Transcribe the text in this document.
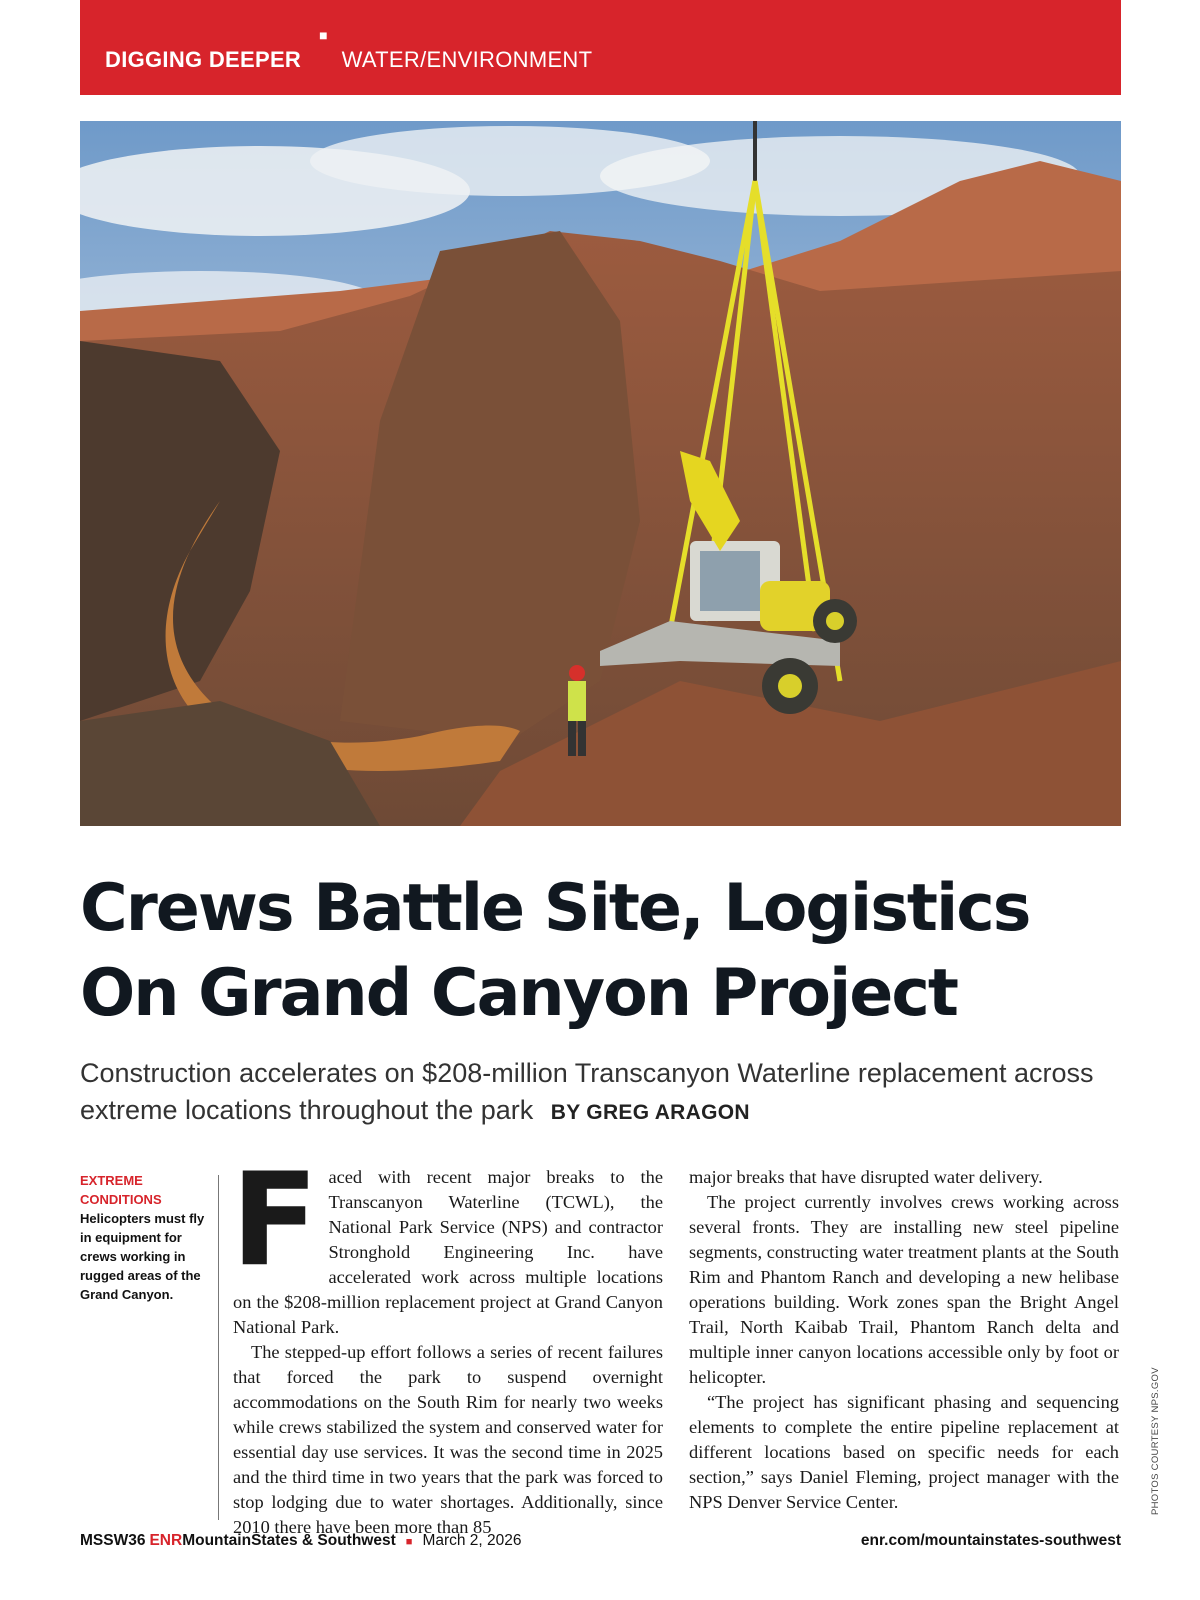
DIGGING DEEPER
■
WATER/ENVIRONMENT
Crews Battle Site, Logistics
On Grand Canyon Project
Construction accelerates on $208-million Transcanyon Waterline replacement across extreme locations throughout the park BY GREG ARAGON
EXTREME CONDITIONS
Helicopters must fly in equipment for crews working in rugged areas of the Grand Canyon. F aced with recent major breaks to the Transcanyon Waterline (TCWL), the National Park Service (NPS) and contractor Stronghold Engineering Inc. have accelerated work across multiple locations on the $208-million replacement project at Grand Canyon National Park.

The stepped-up effort follows a series of recent failures that forced the park to suspend overnight accommodations on the South Rim for nearly two weeks while crews stabilized the system and conserved water for essential day use services. It was the second time in 2025 and the third time in two years that the park was forced to stop lodging due to water shortages. Additionally, since 2010 there have been more than 85

major breaks that have disrupted water delivery.

The project currently involves crews working across several fronts. They are installing new steel pipeline segments, constructing water treatment plants at the South Rim and Phantom Ranch and developing a new helibase operations building. Work zones span the Bright Angel Trail, North Kaibab Trail, Phantom Ranch delta and multiple inner canyon locations accessible only by foot or helicopter.

“The project has significant phasing and sequencing elements to complete the entire pipeline replacement at different locations based on specific needs for each section,” says Daniel Fleming, project manager with the NPS Denver Service Center.	PHOTOS COURTESY NPS.GOV
MSSW36 ENRMountainStates & Southwest ■ March 2, 2026	enr.com/mountainstates-southwest
